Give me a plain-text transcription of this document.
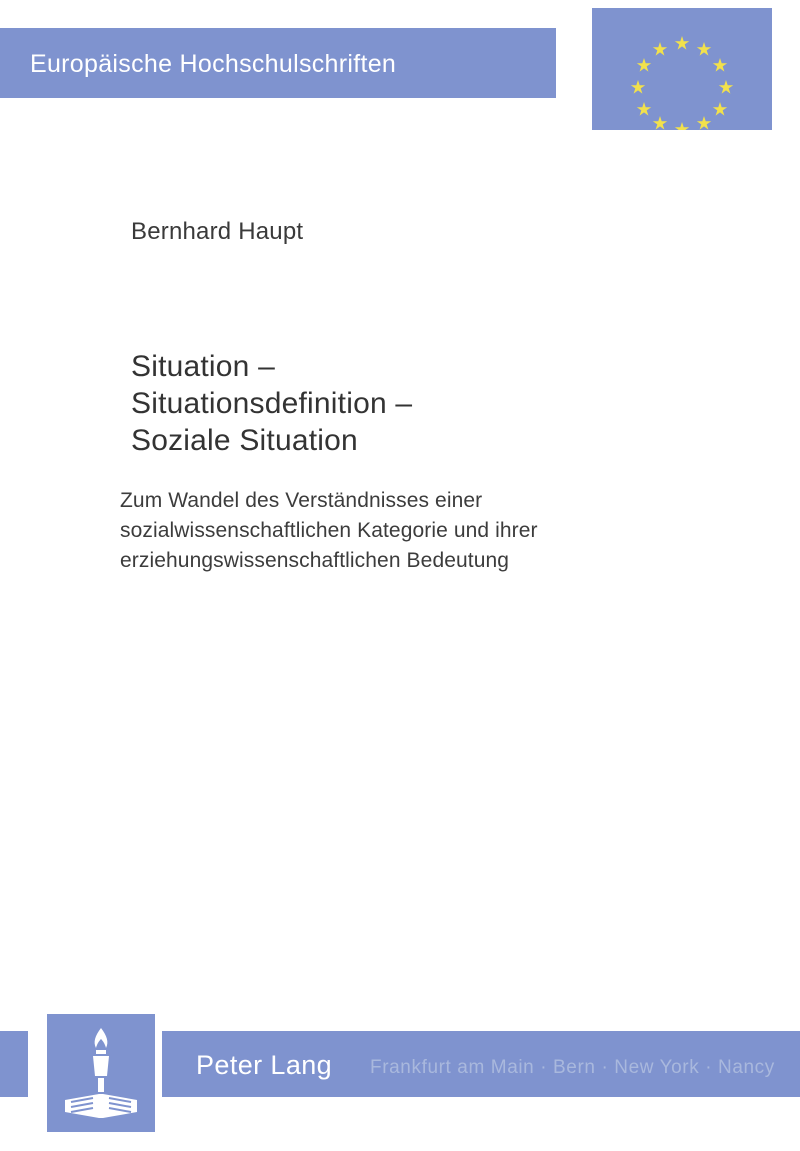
Europäische Hochschulschriften
Bernhard Haupt
Situation –
Situationsdefinition –
Soziale Situation
Zum Wandel des Verständnisses einer
sozialwissenschaftlichen Kategorie und ihrer
erziehungswissenschaftlichen Bedeutung
Peter Lang Frankfurt am Main · Bern · New York · Nancy
